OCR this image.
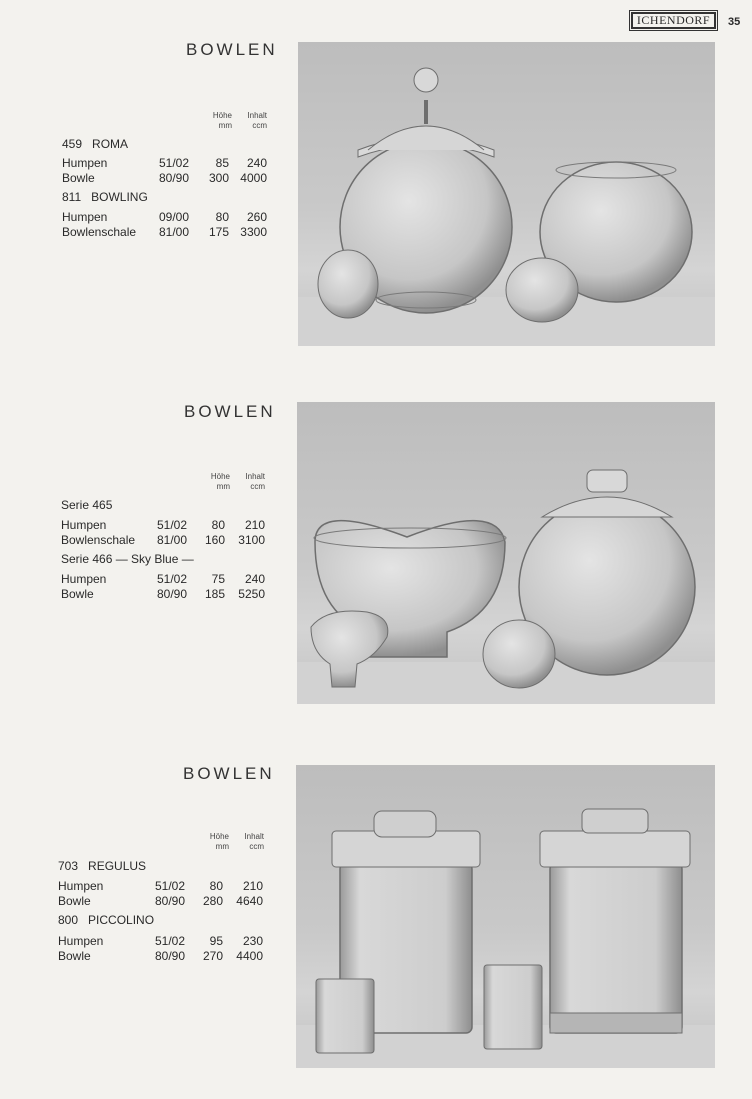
ICHENDORF	35
BOWLEN
Höhe
mm
Inhalt
ccm
459   ROMA
Humpen	51/02	85	240
Bowle	80/90	300 4000
811   BOWLING
Humpen	09/00	80	260
Bowlenschale 81/00	175 3300
BOWLEN
Höhe
mm
Inhalt
ccm
Serie 465
Humpen	51/02	80	210
Bowlenschale 81/00	160	3100
Serie 466 — Sky Blue —
Humpen	51/02	75	240
Bowle	80/90	185	5250
BOWLEN
Höhe
mm
Inhalt
ccm
703   REGULUS
Humpen	51/02	80	210
Bowle	80/90	280	4640
800   PICCOLINO
Humpen	51/02	95	230
Bowle	80/90	270	4400
